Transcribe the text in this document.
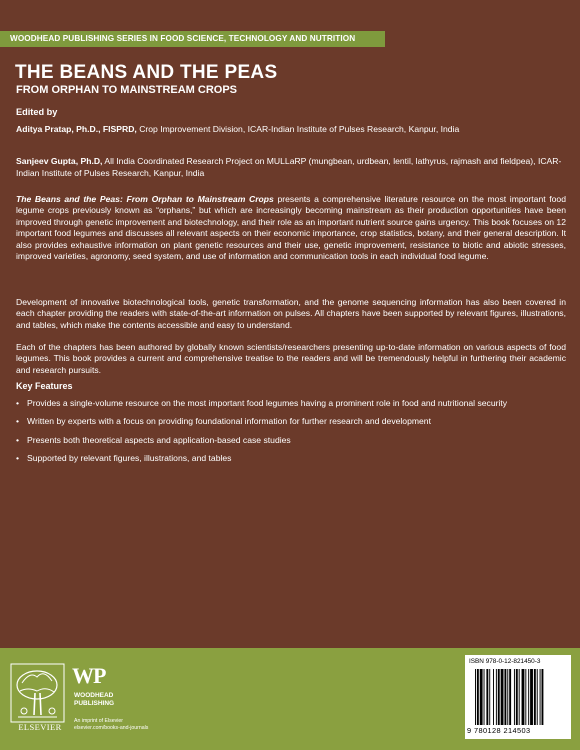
WOODHEAD PUBLISHING SERIES IN FOOD SCIENCE, TECHNOLOGY AND NUTRITION
THE BEANS AND THE PEAS
FROM ORPHAN TO MAINSTREAM CROPS
Edited by
Aditya Pratap, Ph.D., FISPRD, Crop Improvement Division, ICAR-Indian Institute of Pulses Research, Kanpur, India
Sanjeev Gupta, Ph.D, All India Coordinated Research Project on MULLaRP (mungbean, urdbean, lentil, lathyrus, rajmash and fieldpea), ICAR-Indian Institute of Pulses Research, Kanpur, India
The Beans and the Peas: From Orphan to Mainstream Crops presents a comprehensive literature resource on the most important food legume crops previously known as “orphans,” but which are increasingly becoming mainstream as their production opportunities have been improved through genetic improvement and biotechnology, and their role as an important nutrient source gains urgency. This book focuses on 12 important food legumes and discusses all relevant aspects on their economic importance, crop statistics, botany, and their general description. It also provides exhaustive information on plant genetic resources and their use, genetic improvement, resistance to biotic and abiotic stresses, improved varieties, agronomy, seed system, and use of information and communication tools in each individual food legume.
Development of innovative biotechnological tools, genetic transformation, and the genome sequencing information has also been covered in each chapter providing the readers with state-of-the-art information on pulses. All chapters have been supported by relevant figures, illustrations, and tables, which make the contents accessible and easy to understand.
Each of the chapters has been authored by globally known scientists/researchers presenting up-to-date information on various aspects of food legumes. This book provides a current and comprehensive treatise to the readers and will be tremendously helpful in furthering their academic and research pursuits.
Key Features
• Provides a single-volume resource on the most important food legumes having a prominent role in food and nutritional security
• Written by experts with a focus on providing foundational information for further research and development
• Presents both theoretical aspects and application-based case studies
• Supported by relevant figures, illustrations, and tables
ELSEVIER
WP
WOODHEAD
PUBLISHING
An imprint of Elsevier
elsevier.com/books-and-journals
ISBN 978-0-12-821450-3
9 780128 214503
